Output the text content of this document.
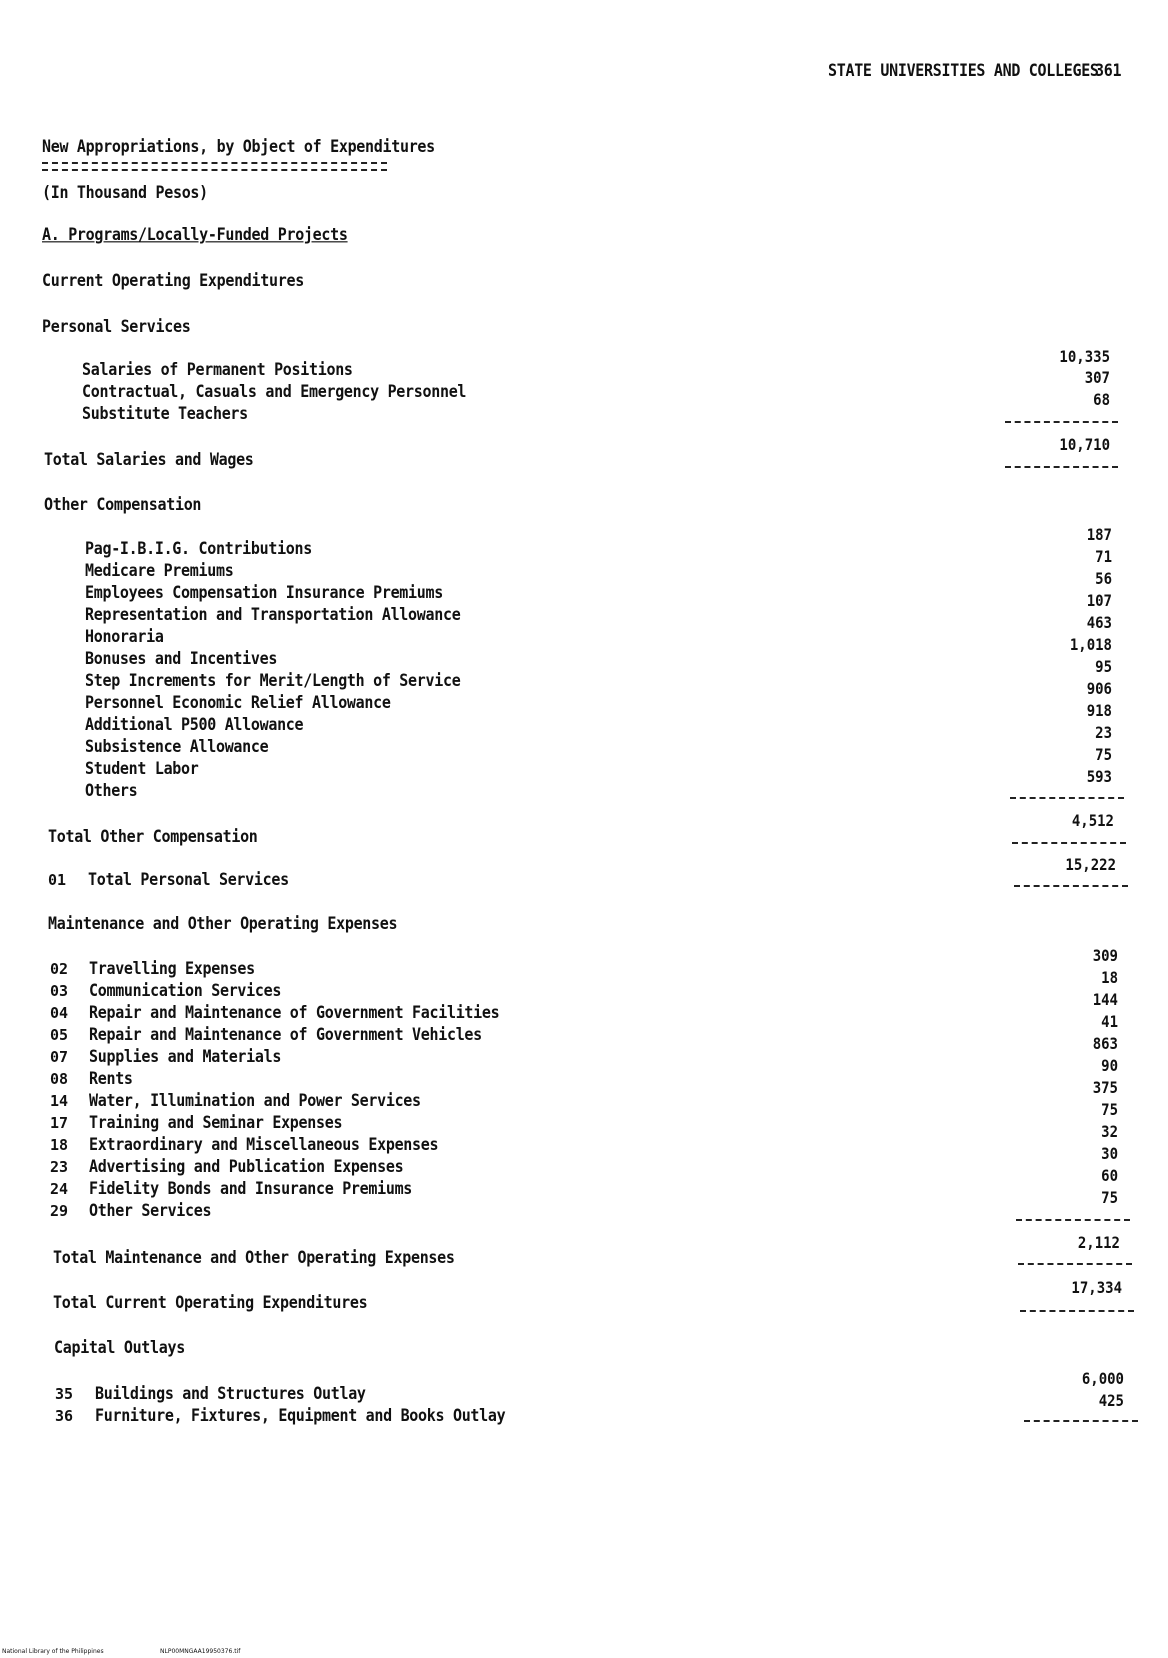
STATE UNIVERSITIES AND COLLEGES
361
New Appropriations, by Object of Expenditures
(In Thousand Pesos)
A. Programs/Locally-Funded Projects
Current Operating Expenditures
Personal Services
Salaries of Permanent Positions
Contractual, Casuals and Emergency Personnel
Substitute Teachers
10,335
307
68
Total Salaries and Wages
10,710
Other Compensation
Pag-I.B.I.G. Contributions
Medicare Premiums
Employees Compensation Insurance Premiums
Representation and Transportation Allowance
Honoraria
Bonuses and Incentives
Step Increments for Merit/Length of Service
Personnel Economic Relief Allowance
Additional P500 Allowance
Subsistence Allowance
Student Labor
Others
187
71
56
107
463
1,018
95
906
918
23
75
593
Total Other Compensation
4,512
01 Total Personal Services
15,222
Maintenance and Other Operating Expenses
02
03
04
05
07
08
14
17
18
23
24
29
Travelling Expenses
Communication Services
Repair and Maintenance of Government Facilities
Repair and Maintenance of Government Vehicles
Supplies and Materials
Rents
Water, Illumination and Power Services
Training and Seminar Expenses
Extraordinary and Miscellaneous Expenses
Advertising and Publication Expenses
Fidelity Bonds and Insurance Premiums
Other Services
309
18
144
41
863
90
375
75
32
30
60
75
Total Maintenance and Other Operating Expenses
2,112
Total Current Operating Expenditures
17,334
Capital Outlays
35
36
Buildings and Structures Outlay
Furniture, Fixtures, Equipment and Books Outlay
6,000
425
National Library of the Philippines	NLP00MNGAA19950376.tif
